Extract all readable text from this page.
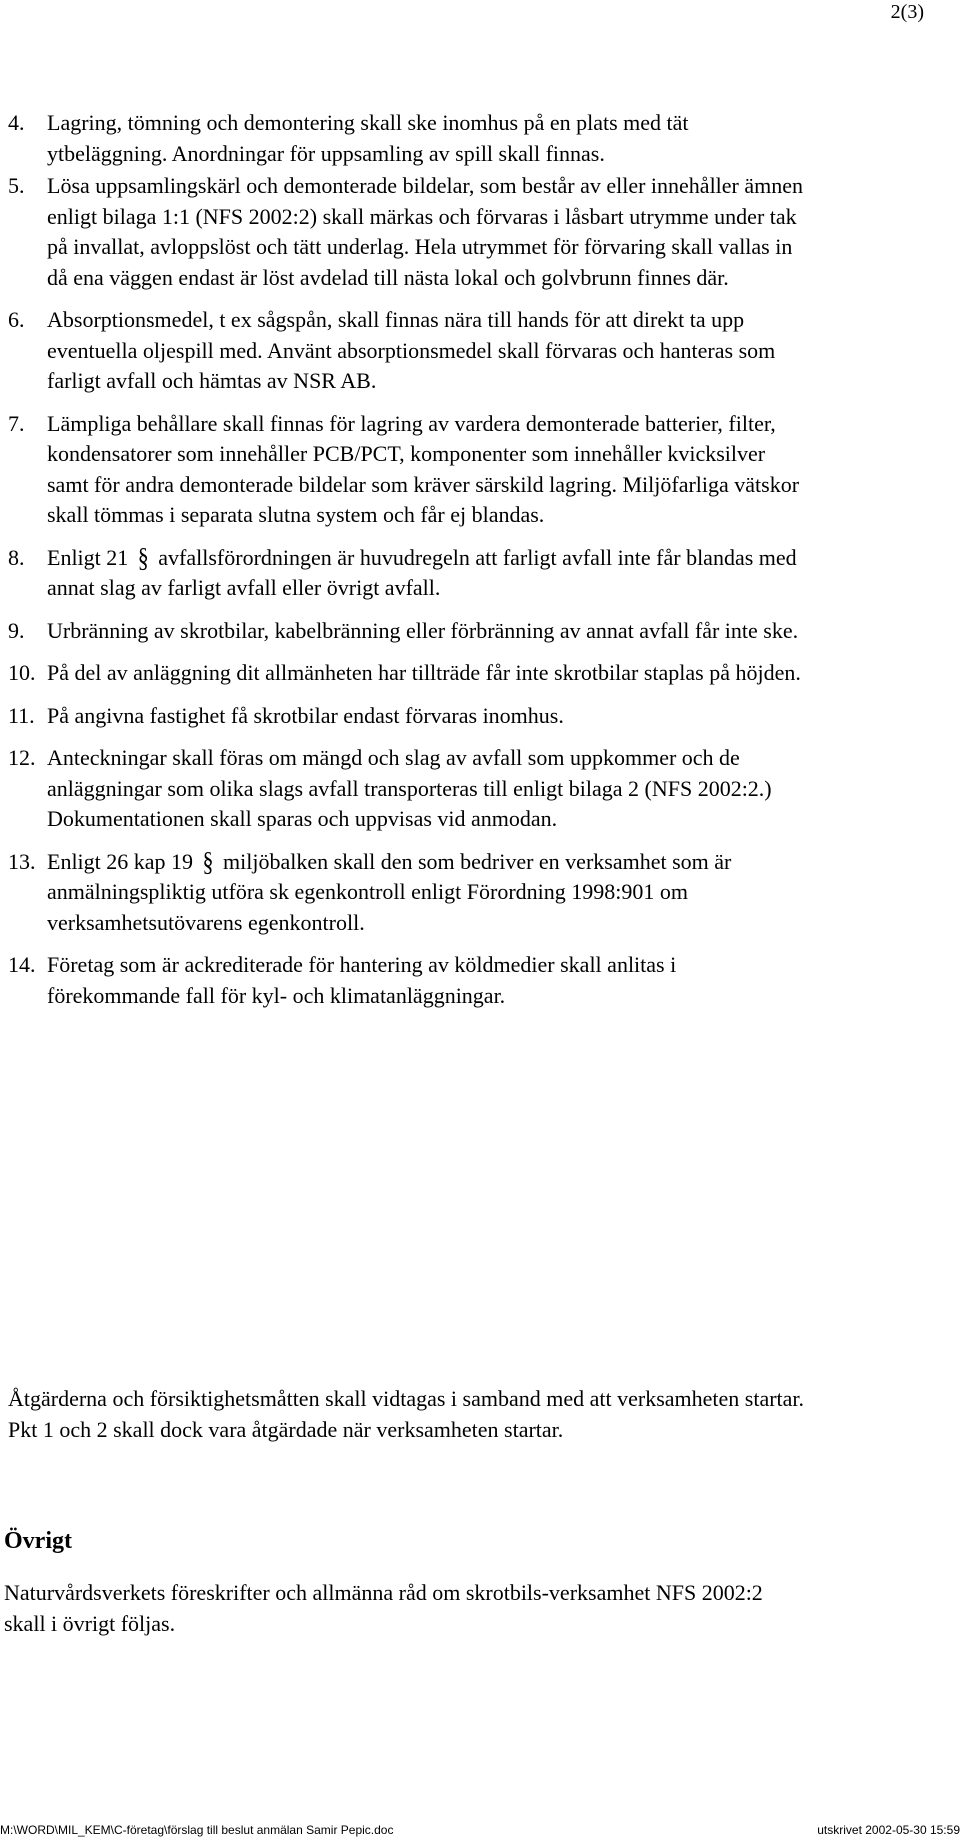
2(3)
4.	Lagring, tömning och demontering skall ske inomhus på en plats med tät ytbeläggning. Anordningar för uppsamling av spill skall finnas.
5.	Lösa uppsamlingskärl och demonterade bildelar, som består av eller innehåller ämnen enligt bilaga 1:1 (NFS 2002:2) skall märkas och förvaras i låsbart utrymme under tak på invallat, avloppslöst och tätt underlag. Hela utrymmet för förvaring skall vallas in då ena väggen endast är löst avdelad till nästa lokal och golvbrunn finnes där.
6.	Absorptionsmedel, t ex sågspån, skall finnas nära till hands för att direkt ta upp eventuella oljespill med. Använt absorptionsmedel skall förvaras och hanteras som farligt avfall och hämtas av NSR AB.
7.	Lämpliga behållare skall finnas för lagring av vardera demonterade batterier, filter, kondensatorer som innehåller PCB/PCT, komponenter som innehåller kvicksilver samt för andra demonterade bildelar som kräver särskild lagring. Miljöfarliga vätskor skall tömmas i separata slutna system och får ej blandas.
8.	Enligt 21 § avfallsförordningen är huvudregeln att farligt avfall inte får blandas med annat slag av farligt avfall eller övrigt avfall.
9.	Urbränning av skrotbilar, kabelbränning eller förbränning av annat avfall får inte ske.
10. På del av anläggning dit allmänheten har tillträde får inte skrotbilar staplas på höjden.
11. På angivna fastighet få skrotbilar endast förvaras inomhus.
12. Anteckningar skall föras om mängd och slag av avfall som uppkommer och de anläggningar som olika slags avfall transporteras till enligt bilaga 2 (NFS 2002:2.) Dokumentationen skall sparas och uppvisas vid anmodan.
13. Enligt 26 kap 19 § miljöbalken skall den som bedriver en verksamhet som är anmälningspliktig utföra sk egenkontroll enligt Förordning 1998:901 om verksamhetsutövarens egenkontroll.
14. Företag som är ackrediterade för hantering av köldmedier skall anlitas i förekommande fall för kyl- och klimatanläggningar.

Åtgärderna och försiktighetsmåtten skall vidtagas i samband med att verksamheten startar. Pkt 1 och 2 skall dock vara åtgärdade när verksamheten startar.

Övrigt

Naturvårdsverkets föreskrifter och allmänna råd om skrotbils-verksamhet NFS 2002:2 skall i övrigt följas.

M:\WORD\MIL_KEM\C-företag\förslag till beslut anmälan Samir Pepic.doc	utskrivet 2002-05-30 15:59
